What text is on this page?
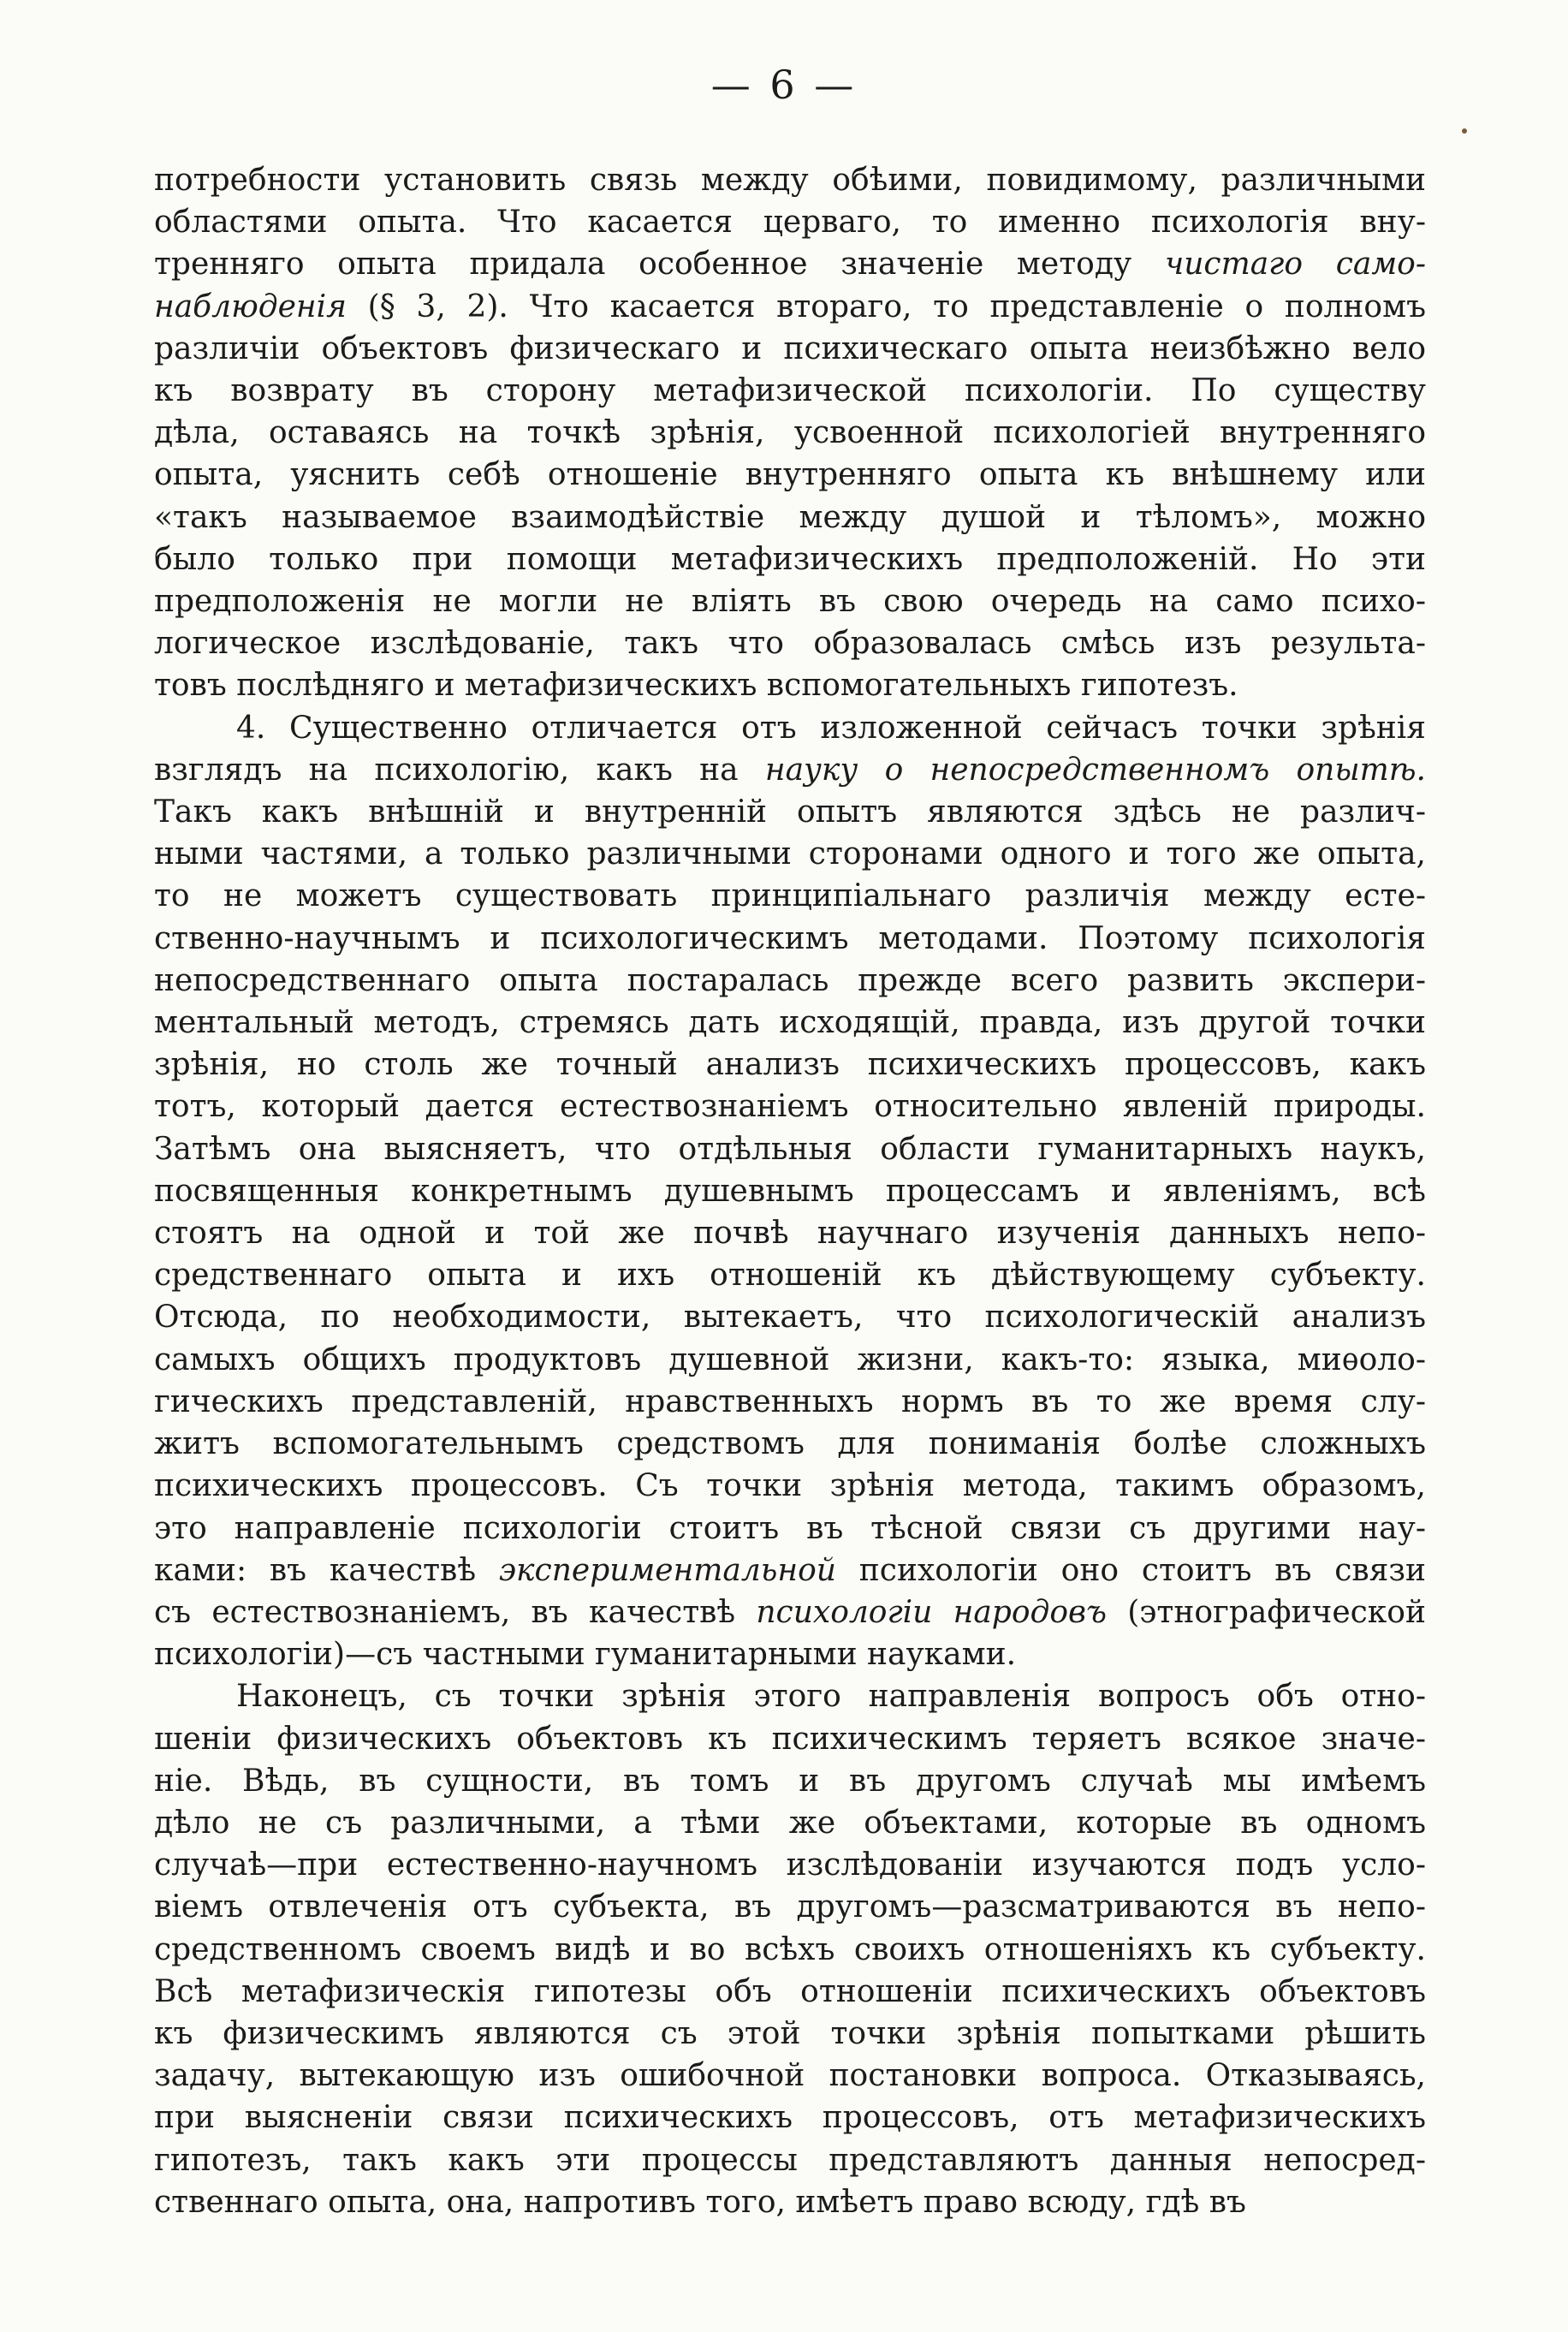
— 6 —
потребности установить связь между обѣими, повидимому, различными
областями опыта. Что касается церваго, то именно психологія вну-
тренняго опыта придала особенное значеніе методу чистаго само-
наблюденія (§ 3, 2). Что касается втораго, то представленіе о полномъ
различіи объектовъ физическаго и психическаго опыта неизбѣжно вело
къ возврату въ сторону метафизической психологіи. По существу
дѣла, оставаясь на точкѣ зрѣнія, усвоенной психологіей внутренняго
опыта, уяснить себѣ отношеніе внутренняго опыта къ внѣшнему или
«такъ называемое взаимодѣйствіе между душой и тѣломъ», можно
было только при помощи метафизическихъ предположеній. Но эти
предположенія не могли не влiять въ свою очередь на само психо-
логическое изслѣдованіе, такъ что образовалась смѣсь изъ результа-
товъ послѣдняго и метафизическихъ вспомогательныхъ гипотезъ.
4. Существенно отличается отъ изложенной сейчасъ точки зрѣнія
взглядъ на психологію, какъ на науку о непосредственномъ опытѣ.
Такъ какъ внѣшній и внутренній опытъ являются здѣсь не различ-
ными частями, а только различными сторонами одного и того же опыта,
то не можетъ существовать принципіальнаго различія между есте-
ственно-научнымъ и психологическимъ методами. Поэтому психологія
непосредственнаго опыта постаралась прежде всего развить экспери-
ментальный методъ, стремясь дать исходящій, правда, изъ другой точки
зрѣнія, но столь же точный анализъ психическихъ процессовъ, какъ
тотъ, который дается естествознаніемъ относительно явленій природы.
Затѣмъ она выясняетъ, что отдѣльныя области гуманитарныхъ наукъ,
посвященныя конкретнымъ душевнымъ процессамъ и явленіямъ, всѣ
стоятъ на одной и той же почвѣ научнаго изученія данныхъ непо-
средственнаго опыта и ихъ отношеній къ дѣйствующему субъекту.
Отсюда, по необходимости, вытекаетъ, что психологическій анализъ
самыхъ общихъ продуктовъ душевной жизни, какъ-то: языка, миѳоло-
гическихъ представленій, нравственныхъ нормъ въ то же время слу-
житъ вспомогательнымъ средствомъ для пониманія болѣе сложныхъ
психическихъ процессовъ. Съ точки зрѣнія метода, такимъ образомъ,
это направленіе психологіи стоитъ въ тѣсной связи съ другими нау-
ками: въ качествѣ экспериментальной психологіи оно стоитъ въ связи
съ естествознаніемъ, въ качествѣ психологіи народовъ (этнографической
психологіи)—съ частными гуманитарными науками.
Наконецъ, съ точки зрѣнія этого направленія вопросъ объ отно-
шеніи физическихъ объектовъ къ психическимъ теряетъ всякое значе-
ніе. Вѣдь, въ сущности, въ томъ и въ другомъ случаѣ мы имѣемъ
дѣло не съ различными, а тѣми же объектами, которые въ одномъ
случаѣ—при естественно-научномъ изслѣдованіи изучаются подъ усло-
віемъ отвлеченія отъ субъекта, въ другомъ—разсматриваются въ непо-
средственномъ своемъ видѣ и во всѣхъ своихъ отношеніяхъ къ субъекту.
Всѣ метафизическія гипотезы объ отношеніи психическихъ объектовъ
къ физическимъ являются съ этой точки зрѣнія попытками рѣшить
задачу, вытекающую изъ ошибочной постановки вопроса. Отказываясь,
при выясненіи связи психическихъ процессовъ, отъ метафизическихъ
гипотезъ, такъ какъ эти процессы представляютъ данныя непосред-
ственнаго опыта, она, напротивъ того, имѣетъ право всюду, гдѣ въ
